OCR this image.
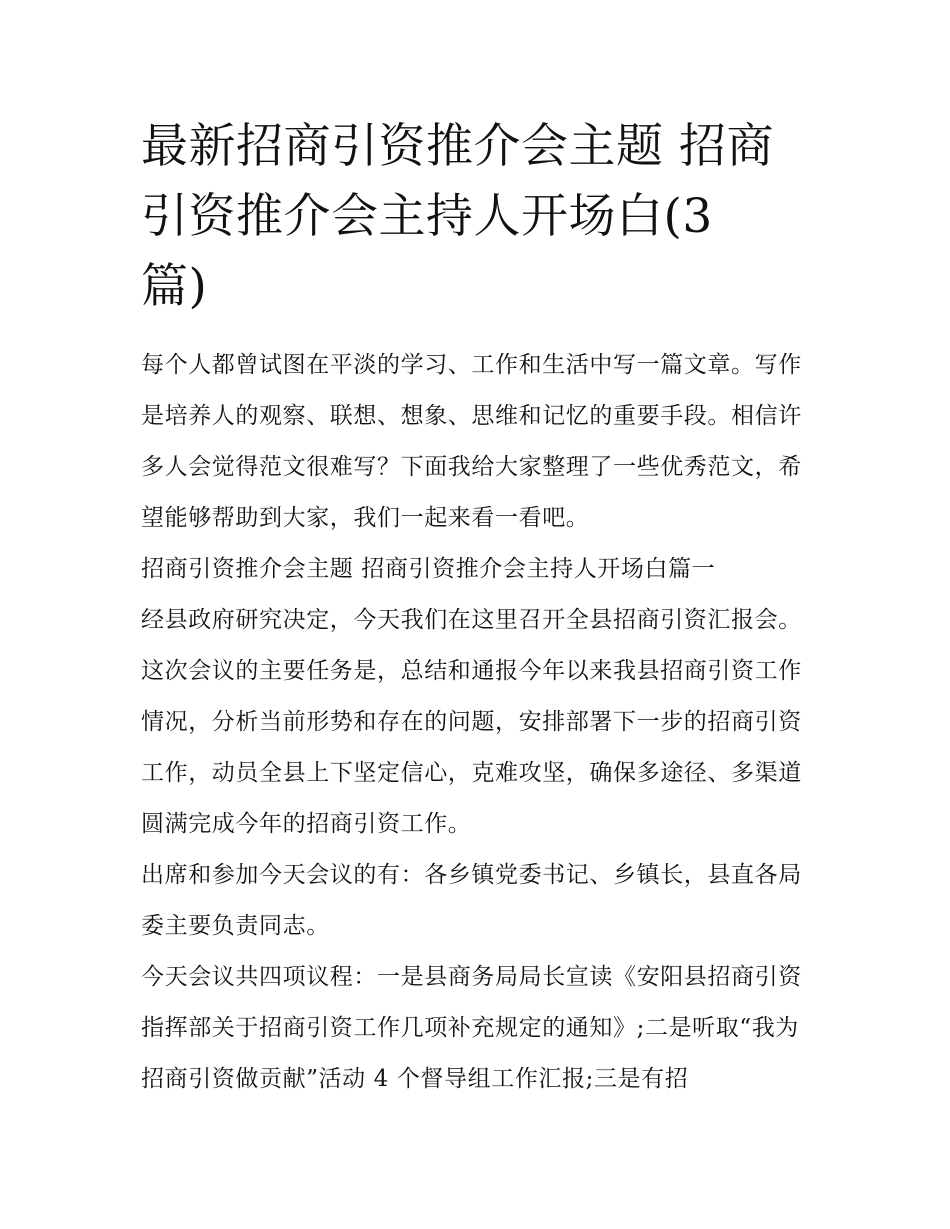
最新招商引资推介会主题 招商
引资推介会主持人开场白(3
篇)

每个人都曾试图在平淡的学习、工作和生活中写一篇文章。写作是培养人的观察、联想、想象、思维和记忆的重要手段。相信许多人会觉得范文很难写？下面我给大家整理了一些优秀范文，希望能够帮助到大家，我们一起来看一看吧。

招商引资推介会主题 招商引资推介会主持人开场白篇一

经县政府研究决定，今天我们在这里召开全县招商引资汇报会。这次会议的主要任务是，总结和通报今年以来我县招商引资工作情况，分析当前形势和存在的问题，安排部署下一步的招商引资工作，动员全县上下坚定信心，克难攻坚，确保多途径、多渠道圆满完成今年的招商引资工作。

出席和参加今天会议的有：各乡镇党委书记、乡镇长，县直各局委主要负责同志。

今天会议共四项议程：一是县商务局局长宣读《安阳县招商引资指挥部关于招商引资工作几项补充规定的通知》;二是听取“我为招商引资做贡献”活动 4 个督导组工作汇报;三是有招
